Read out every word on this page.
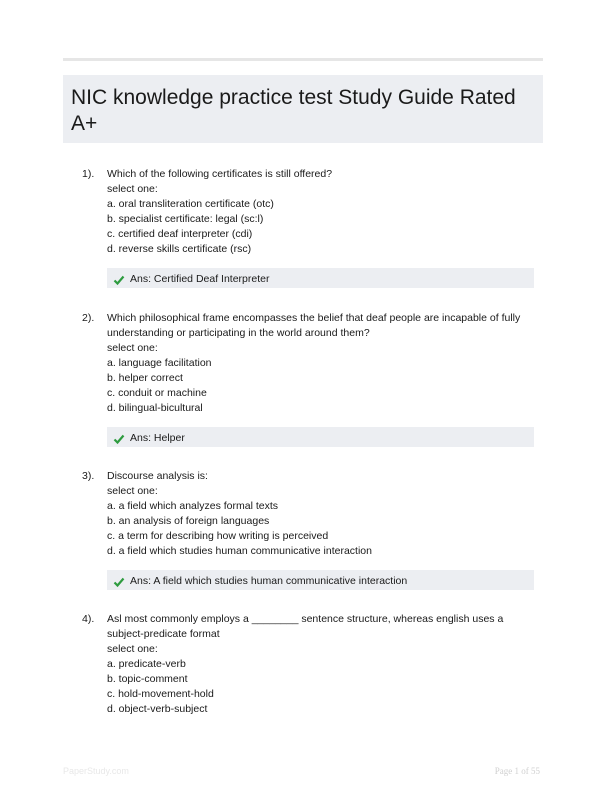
NIC knowledge practice test Study Guide Rated A+
1). Which of the following certificates is still offered?
select one:
a. oral transliteration certificate (otc)
b. specialist certificate: legal (sc:l)
c. certified deaf interpreter (cdi)
d. reverse skills certificate (rsc)
Ans: Certified Deaf Interpreter
2). Which philosophical frame encompasses the belief that deaf people are incapable of fully understanding or participating in the world around them?
select one:
a. language facilitation
b. helper correct
c. conduit or machine
d. bilingual-bicultural
Ans: Helper
3). Discourse analysis is:
select one:
a. a field which analyzes formal texts
b. an analysis of foreign languages
c. a term for describing how writing is perceived
d. a field which studies human communicative interaction
Ans: A field which studies human communicative interaction
4). Asl most commonly employs a ________ sentence structure, whereas english uses a subject-predicate format
select one:
a. predicate-verb
b. topic-comment
c. hold-movement-hold
d. object-verb-subject
PaperStudy.com	Page 1 of 55
